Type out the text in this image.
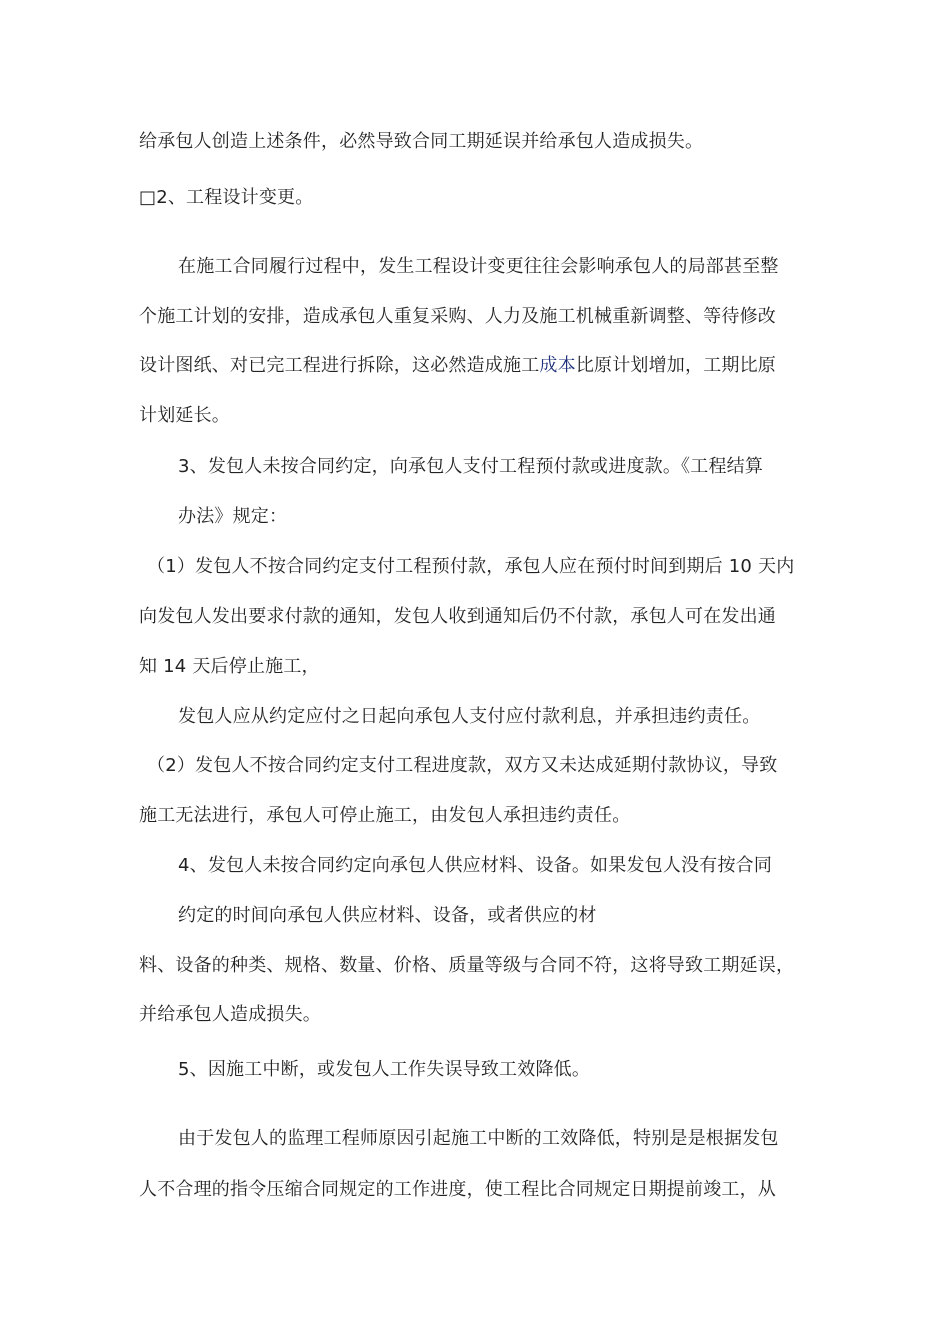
给承包人创造上述条件，必然导致合同工期延误并给承包人造成损失。
□2、工程设计变更。
在施工合同履行过程中，发生工程设计变更往往会影响承包人的局部甚至整
个施工计划的安排，造成承包人重复采购、人力及施工机械重新调整、等待修改
设计图纸、对已完工程进行拆除，这必然造成施工成本比原计划增加，工期比原
计划延长。
3、发包人未按合同约定，向承包人支付工程预付款或进度款。《工程结算
办法》规定：
（1）发包人不按合同约定支付工程预付款，承包人应在预付时间到期后 10 天内
向发包人发出要求付款的通知，发包人收到通知后仍不付款，承包人可在发出通
知 14 天后停止施工，
发包人应从约定应付之日起向承包人支付应付款利息，并承担违约责任。
（2）发包人不按合同约定支付工程进度款，双方又未达成延期付款协议，导致
施工无法进行，承包人可停止施工，由发包人承担违约责任。
4、发包人未按合同约定向承包人供应材料、设备。如果发包人没有按合同
约定的时间向承包人供应材料、设备，或者供应的材
料、设备的种类、规格、数量、价格、质量等级与合同不符，这将导致工期延误，
并给承包人造成损失。
5、因施工中断，或发包人工作失误导致工效降低。
由于发包人的监理工程师原因引起施工中断的工效降低，特别是是根据发包
人不合理的指令压缩合同规定的工作进度，使工程比合同规定日期提前竣工，从
